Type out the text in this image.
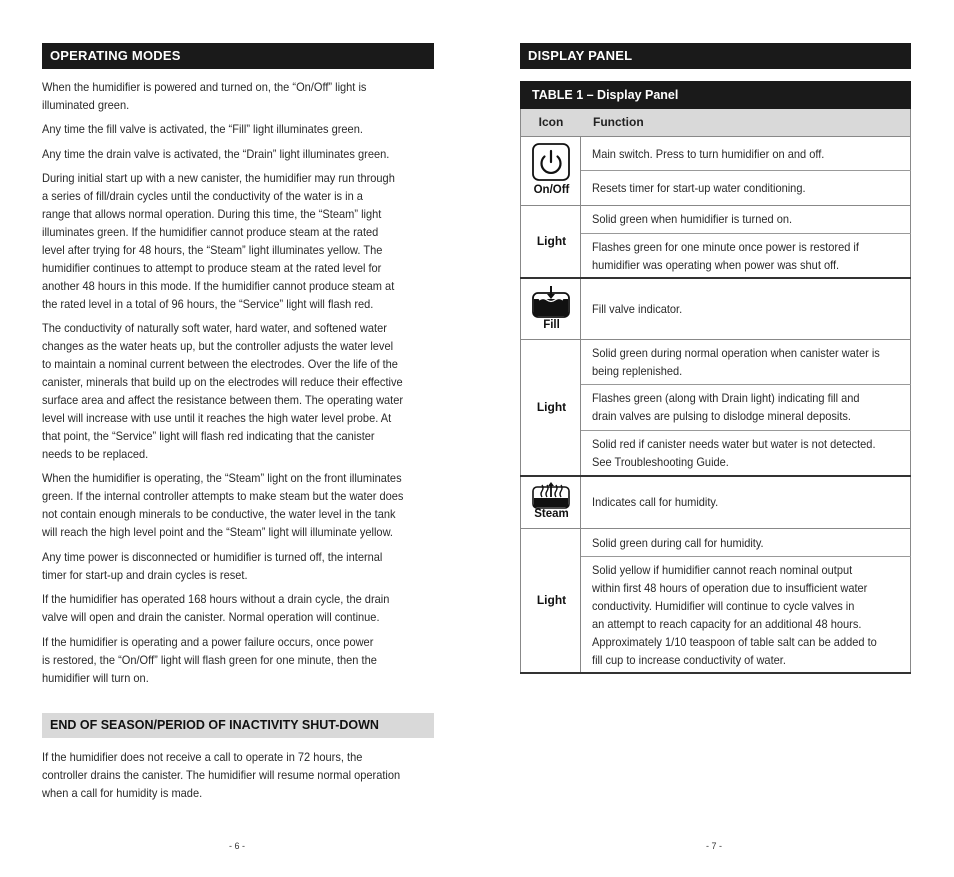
OPERATING MODES
When the humidifier is powered and turned on, the “On/Off” light is
illuminated green.
Any time the fill valve is activated, the “Fill” light illuminates green.
Any time the drain valve is activated, the “Drain” light illuminates green.
During initial start up with a new canister, the humidifier may run through
a series of fill/drain cycles until the conductivity of the water is in a
range that allows normal operation. During this time, the “Steam” light
illuminates green. If the humidifier cannot produce steam at the rated
level after trying for 48 hours, the “Steam” light illuminates yellow. The
humidifier continues to attempt to produce steam at the rated level for
another 48 hours in this mode. If the humidifier cannot produce steam at
the rated level in a total of 96 hours, the “Service” light will flash red.
The conductivity of naturally soft water, hard water, and softened water
changes as the water heats up, but the controller adjusts the water level
to maintain a nominal current between the electrodes. Over the life of the
canister, minerals that build up on the electrodes will reduce their effective
surface area and affect the resistance between them. The operating water
level will increase with use until it reaches the high water level probe. At
that point, the “Service” light will flash red indicating that the canister
needs to be replaced.
When the humidifier is operating, the “Steam” light on the front illuminates
green. If the internal controller attempts to make steam but the water does
not contain enough minerals to be conductive, the water level in the tank
will reach the high level point and the “Steam” light will illuminate yellow.
Any time power is disconnected or humidifier is turned off, the internal
timer for start-up and drain cycles is reset.
If the humidifier has operated 168 hours without a drain cycle, the drain
valve will open and drain the canister. Normal operation will continue.
If the humidifier is operating and a power failure occurs, once power
is restored, the “On/Off” light will flash green for one minute, then the
humidifier will turn on.
END OF SEASON/PERIOD OF INACTIVITY SHUT-DOWN
If the humidifier does not receive a call to operate in 72 hours, the
controller drains the canister. The humidifier will resume normal operation
when a call for humidity is made.
- 6 -
DISPLAY PANEL
TABLE 1 – Display Panel
Icon	Function
On/Off
Main switch. Press to turn humidifier on and off.
Resets timer for start-up water conditioning.
Light
Solid green when humidifier is turned on.
Flashes green for one minute once power is restored if
humidifier was operating when power was shut off.
Fill
Fill valve indicator.
Light
Solid green during normal operation when canister water is
being replenished.
Flashes green (along with Drain light) indicating fill and
drain valves are pulsing to dislodge mineral deposits.
Solid red if canister needs water but water is not detected.
See Troubleshooting Guide.
Steam
Indicates call for humidity.
Light
Solid green during call for humidity.
Solid yellow if humidifier cannot reach nominal output
within first 48 hours of operation due to insufficient water
conductivity. Humidifier will continue to cycle valves in
an attempt to reach capacity for an additional 48 hours.
Approximately 1/10 teaspoon of table salt can be added to
fill cup to increase conductivity of water.
- 7 -
